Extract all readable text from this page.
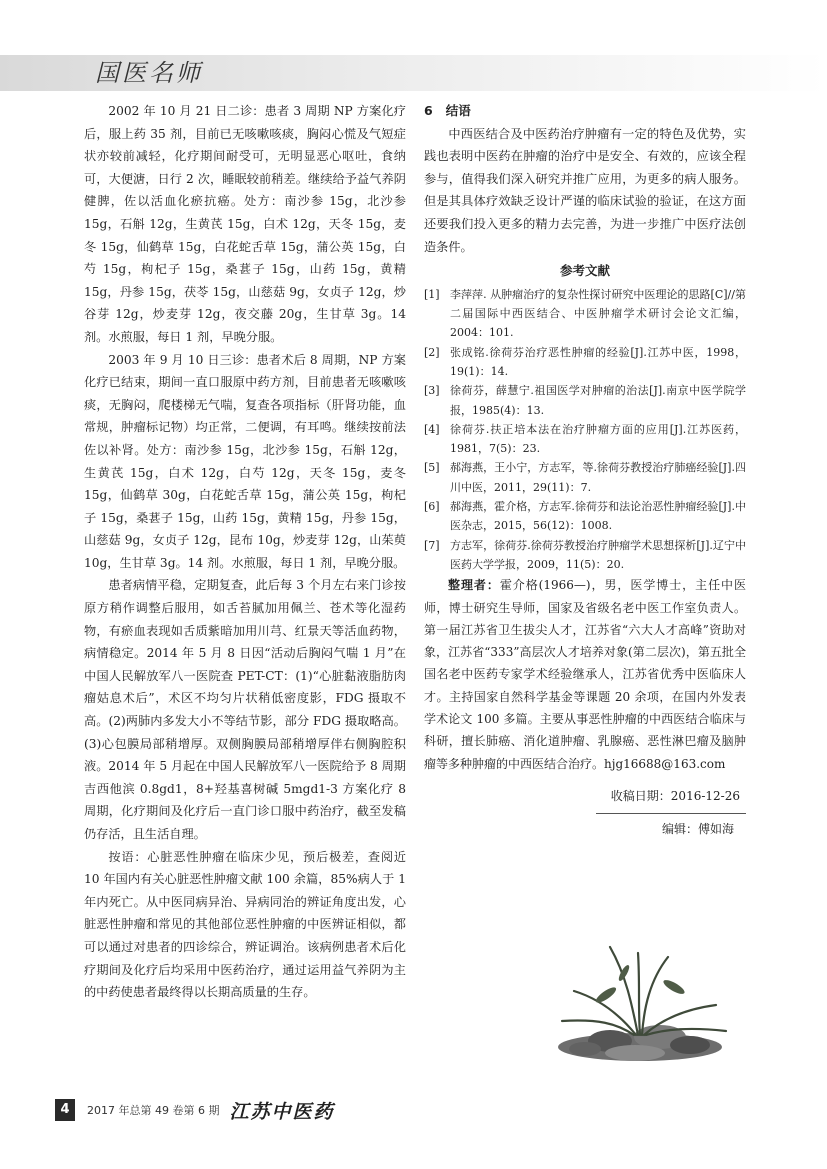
国医名师

2002 年 10 月 21 日二诊：患者 3 周期 NP 方案化疗后，服上药 35 剂，目前已无咳嗽咳痰，胸闷心慌及气短症状亦较前减轻，化疗期间耐受可，无明显恶心呕吐，食纳可，大便溏，日行 2 次，睡眠较前稍差。继续给予益气养阴健脾，佐以活血化瘀抗癌。处方：南沙参 15g，北沙参 15g，石斛 12g，生黄芪 15g，白术 12g，天冬 15g，麦冬 15g，仙鹤草 15g，白花蛇舌草 15g，蒲公英 15g，白芍 15g，枸杞子 15g，桑葚子 15g，山药 15g，黄精 15g，丹参 15g，茯苓 15g，山慈菇 9g，女贞子 12g，炒谷芽 12g，炒麦芽 12g，夜交藤 20g，生甘草 3g。14 剂。水煎服，每日 1 剂，早晚分服。

2003 年 9 月 10 日三诊：患者术后 8 周期，NP 方案化疗已结束，期间一直口服原中药方剂，目前患者无咳嗽咳痰，无胸闷，爬楼梯无气喘，复查各项指标（肝肾功能，血常规，肿瘤标记物）均正常，二便调，有耳鸣。继续按前法佐以补肾。处方：南沙参 15g，北沙参 15g，石斛 12g，生黄芪 15g，白术 12g，白芍 12g，天冬 15g，麦冬 15g，仙鹤草 30g，白花蛇舌草 15g，蒲公英 15g，枸杞子 15g，桑葚子 15g，山药 15g，黄精 15g，丹参 15g，山慈菇 9g，女贞子 12g，昆布 10g，炒麦芽 12g，山茱萸 10g，生甘草 3g。14 剂。水煎服，每日 1 剂，早晚分服。

患者病情平稳，定期复查，此后每 3 个月左右来门诊按原方稍作调整后服用，如舌苔腻加用佩兰、苍术等化湿药物，有瘀血表现如舌质紫暗加用川芎、红景天等活血药物，病情稳定。2014 年 5 月 8 日因“活动后胸闷气喘 1 月”在中国人民解放军八一医院查 PET-CT：(1)“心脏黏液脂肪肉瘤姑息术后”，术区不均匀片状稍低密度影，FDG 摄取不高。(2)两肺内多发大小不等结节影，部分 FDG 摄取略高。(3)心包膜局部稍增厚。双侧胸膜局部稍增厚伴右侧胸腔积液。2014 年 5 月起在中国人民解放军八一医院给予 8 周期吉西他滨 0.8gd1，8+羟基喜树碱 5mgd1-3 方案化疗 8 周期，化疗期间及化疗后一直门诊口服中药治疗，截至发稿仍存活，且生活自理。

按语：心脏恶性肿瘤在临床少见，预后极差，查阅近 10 年国内有关心脏恶性肿瘤文献 100 余篇，85%病人于 1 年内死亡。从中医同病异治、异病同治的辨证角度出发，心脏恶性肿瘤和常见的其他部位恶性肿瘤的中医辨证相似，都可以通过对患者的四诊综合，辨证调治。该病例患者术后化疗期间及化疗后均采用中医药治疗，通过运用益气养阴为主的中药使患者最终得以长期高质量的生存。

6 结语

中西医结合及中医药治疗肿瘤有一定的特色及优势，实践也表明中医药在肿瘤的治疗中是安全、有效的，应该全程参与，值得我们深入研究并推广应用，为更多的病人服务。但是其具体疗效缺乏设计严谨的临床试验的验证，在这方面还要我们投入更多的精力去完善，为进一步推广中医疗法创造条件。

参考文献
[1] 李萍萍. 从肿瘤治疗的复杂性探讨研究中医理论的思路[C]//第二届国际中西医结合、中医肿瘤学术研讨会论文汇编，2004：101.
[2] 张成铭.徐荷芬治疗恶性肿瘤的经验[J].江苏中医，1998，19(1)：14.
[3] 徐荷芬，薛慧宁.祖国医学对肿瘤的治法[J].南京中医学院学报，1985(4)：13.
[4] 徐荷芬.扶正培本法在治疗肿瘤方面的应用[J].江苏医药，1981，7(5)：23.
[5] 郝海燕，王小宁，方志军，等.徐荷芬教授治疗肺癌经验[J].四川中医，2011，29(11)：7.
[6] 郝海燕，霍介格，方志军.徐荷芬和法论治恶性肿瘤经验[J].中医杂志，2015，56(12)：1008.
[7] 方志军，徐荷芬.徐荷芬教授治疗肿瘤学术思想探析[J].辽宁中医药大学学报，2009，11(5)：20.

整理者：霍介格(1966—)，男，医学博士，主任中医师，博士研究生导师，国家及省级名老中医工作室负责人。第一届江苏省卫生拔尖人才，江苏省“六大人才高峰”资助对象，江苏省“333”高层次人才培养对象(第二层次)，第五批全国名老中医药专家学术经验继承人，江苏省优秀中医临床人才。主持国家自然科学基金等课题 20 余项，在国内外发表学术论文 100 多篇。主要从事恶性肿瘤的中西医结合临床与科研，擅长肺癌、消化道肿瘤、乳腺癌、恶性淋巴瘤及脑肿瘤等多种肿瘤的中西医结合治疗。hjg16688@163.com

收稿日期：2016-12-26
编辑：傅如海
4	2017 年总第 49 卷第 6 期 江苏中医药
